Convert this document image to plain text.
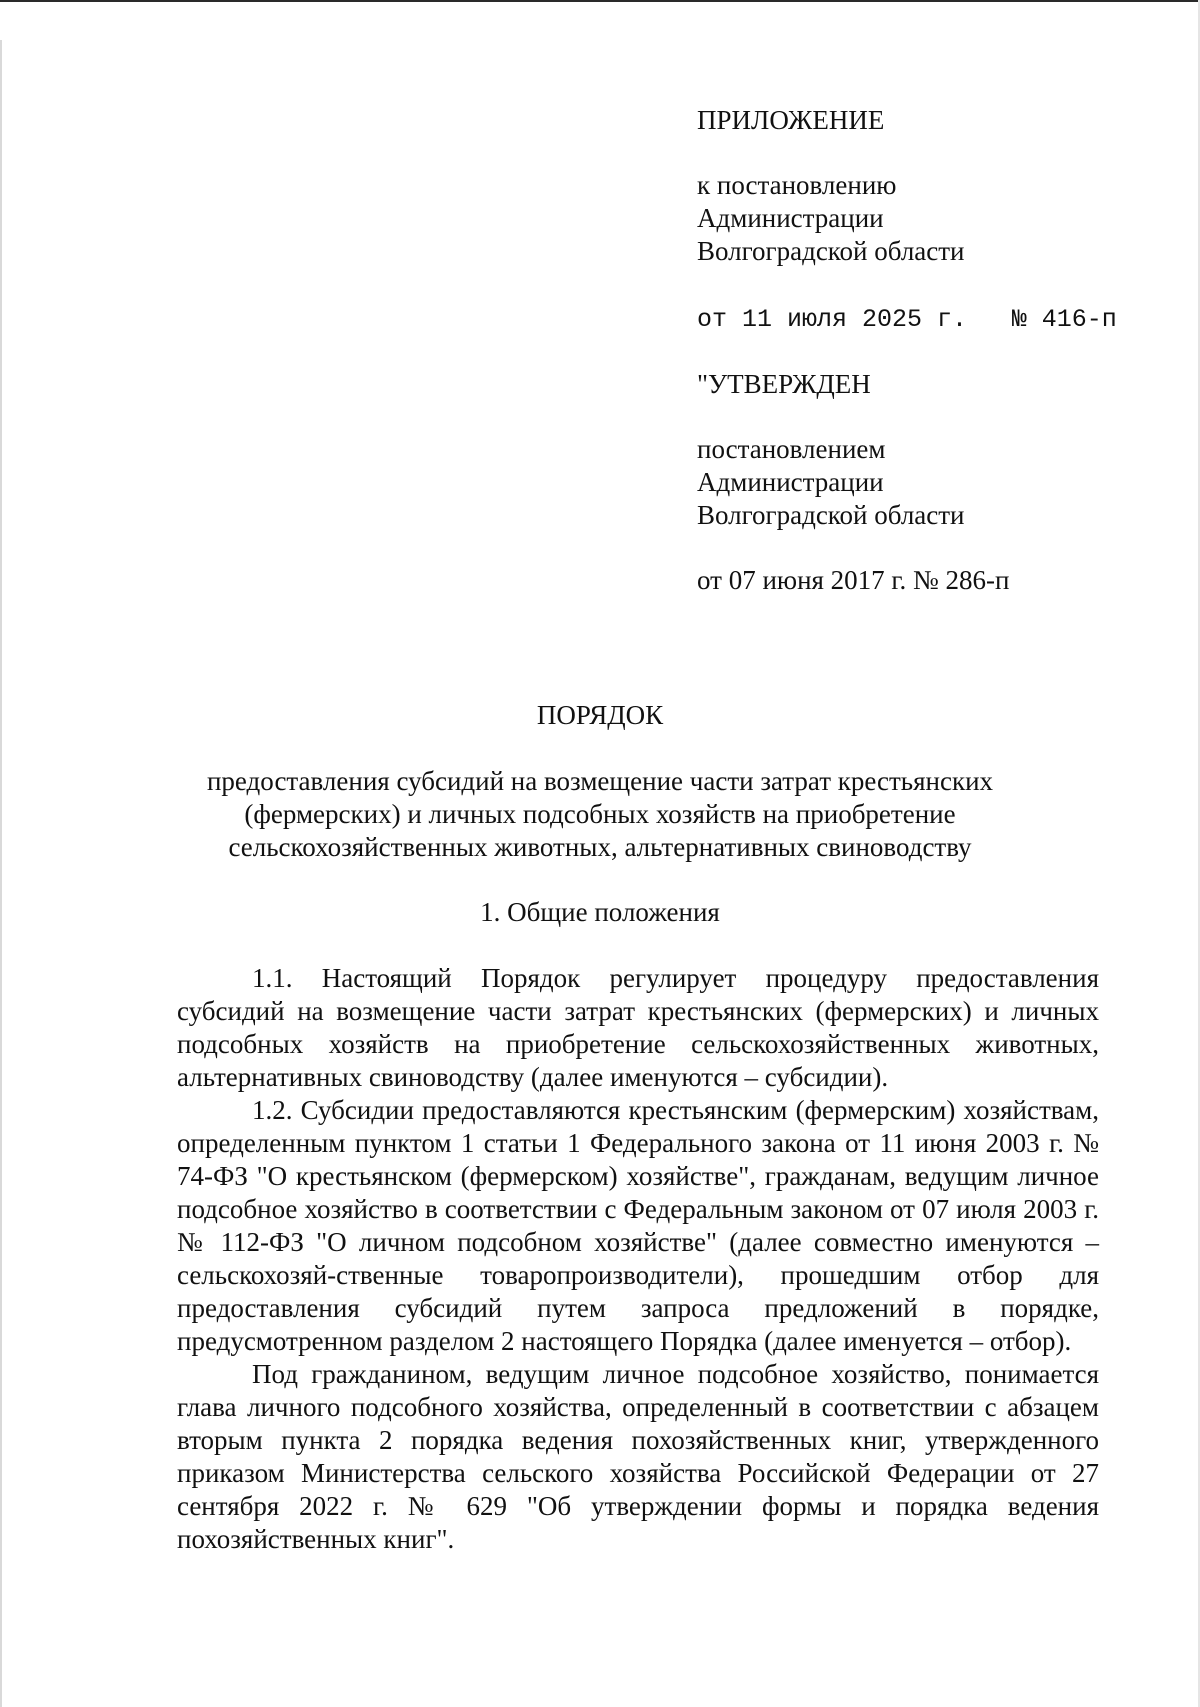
ПРИЛОЖЕНИЕ
к постановлению
Администрации
Волгоградской области
от 11 июля 2025 г. № 416-п
"УТВЕРЖДЕН
постановлением
Администрации
Волгоградской области
от 07 июня 2017 г. № 286-п
ПОРЯДОК
предоставления субсидий на возмещение части затрат крестьянских
(фермерских) и личных подсобных хозяйств на приобретение
сельскохозяйственных животных, альтернативных свиноводству
1. Общие положения

1.1. Настоящий Порядок регулирует процедуру предоставления субсидий на возмещение части затрат крестьянских (фермерских) и личных подсобных хозяйств на приобретение сельскохозяйственных животных, альтернативных свиноводству (далее именуются – субсидии).

1.2. Субсидии предоставляются крестьянским (фермерским) хозяйствам, определенным пунктом 1 статьи 1 Федерального закона от 11 июня 2003 г. № 74-ФЗ "О крестьянском (фермерском) хозяйстве", гражданам, ведущим личное подсобное хозяйство в соответствии с Федеральным законом от 07 июля 2003 г. № 112-ФЗ "О личном подсобном хозяйстве" (далее совместно именуются – сельскохозяй-ственные товаропроизводители), прошедшим отбор для предоставления субсидий путем запроса предложений в порядке, предусмотренном разделом 2 настоящего Порядка (далее именуется – отбор).

Под гражданином, ведущим личное подсобное хозяйство, понимается глава личного подсобного хозяйства, определенный в соответствии с абзацем вторым пункта 2 порядка ведения похозяйственных книг, утвержденного приказом Министерства сельского хозяйства Российской Федерации от 27 сентября 2022 г. № 629 "Об утверждении формы и порядка ведения похозяйственных книг".
